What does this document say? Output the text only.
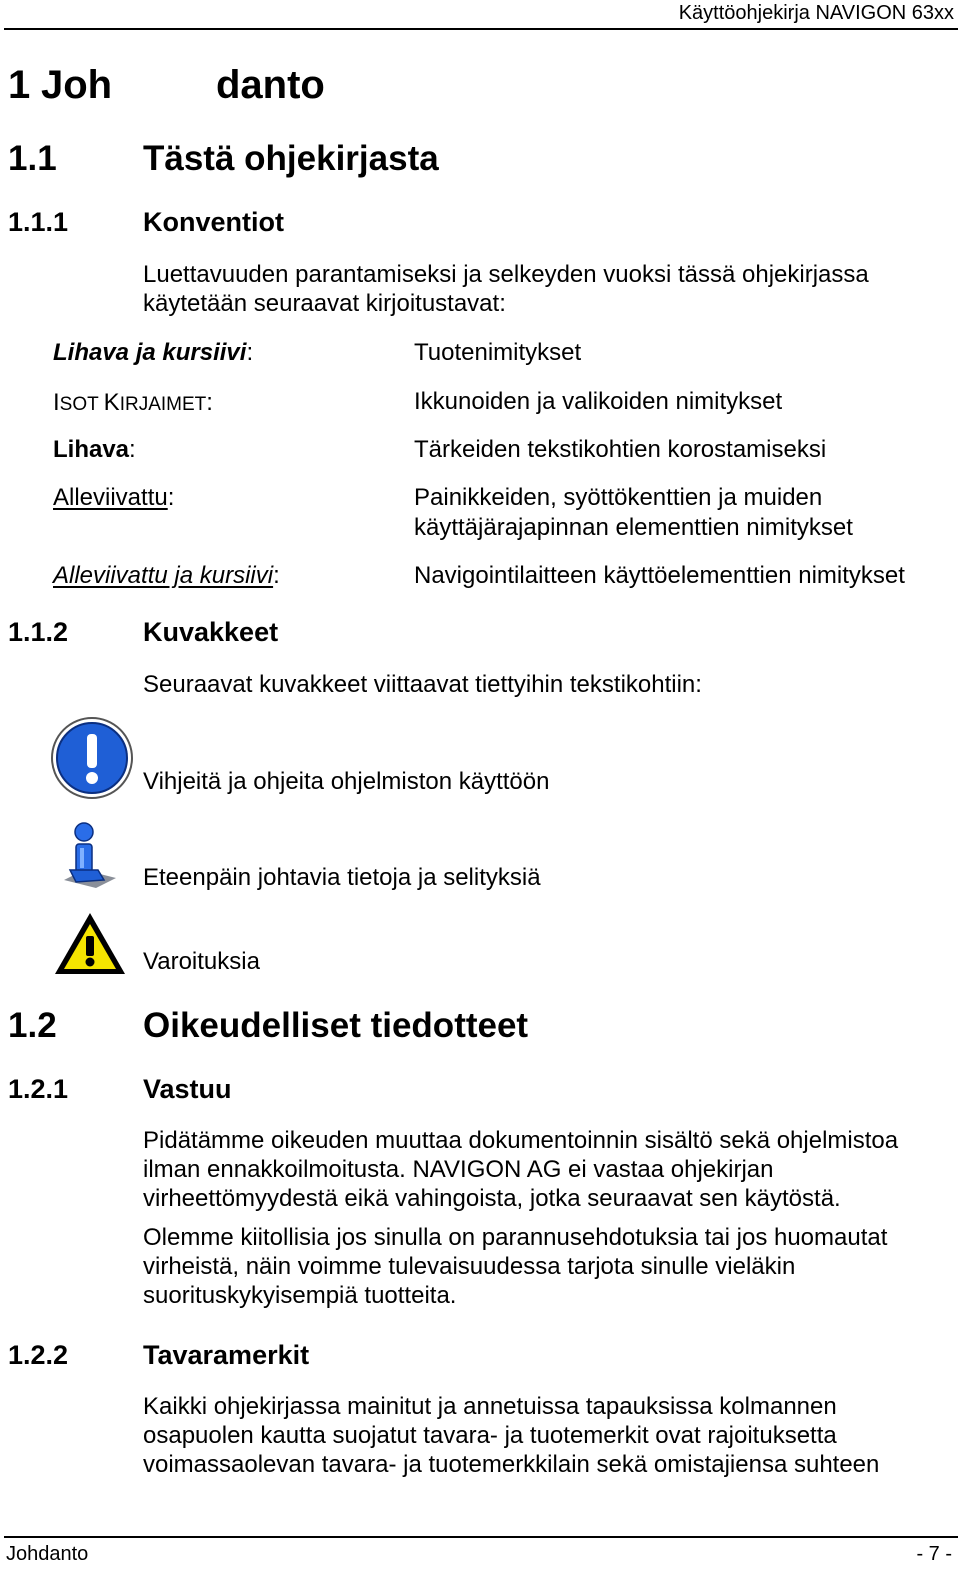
Käyttöohjekirja NAVIGON 63xx
1 Joh	danto
1.1 Tästä ohjekirjasta
1.1.1	Konventiot
Luettavuuden parantamiseksi ja selkeyden vuoksi tässä ohjekirjassa
käytetään seuraavat kirjoitustavat:
Lihava ja kursiivi:	Tuotenimitykset
ISOT KIRJAIMET:	Ikkunoiden ja valikoiden nimitykset
Lihava:	Tärkeiden tekstikohtien korostamiseksi
Alleviivattu:	Painikkeiden, syöttökenttien ja muiden
käyttäjärajapinnan elementtien nimitykset
Alleviivattu ja kursiivi:	Navigointilaitteen käyttöelementtien nimitykset
1.1.2	Kuvakkeet
Seuraavat kuvakkeet viittaavat tiettyihin tekstikohtiin:
Vihjeitä ja ohjeita ohjelmiston käyttöön
Eteenpäin johtavia tietoja ja selityksiä
Varoituksia
1.2 Oikeudelliset tiedotteet
1.2.1	Vastuu
Pidätämme oikeuden muuttaa dokumentoinnin sisältö sekä ohjelmistoa
ilman ennakkoilmoitusta. NAVIGON AG ei vastaa ohjekirjan
virheettömyydestä eikä vahingoista, jotka seuraavat sen käytöstä.
Olemme kiitollisia jos sinulla on parannusehdotuksia tai jos huomautat
virheistä, näin voimme tulevaisuudessa tarjota sinulle vieläkin
suorituskykyisempiä tuotteita.
1.2.2	Tavaramerkit
Kaikki ohjekirjassa mainitut ja annetuissa tapauksissa kolmannen
osapuolen kautta suojatut tavara- ja tuotemerkit ovat rajoituksetta
voimassaolevan tavara- ja tuotemerkkilain sekä omistajiensa suhteen
Johdanto	- 7 -
